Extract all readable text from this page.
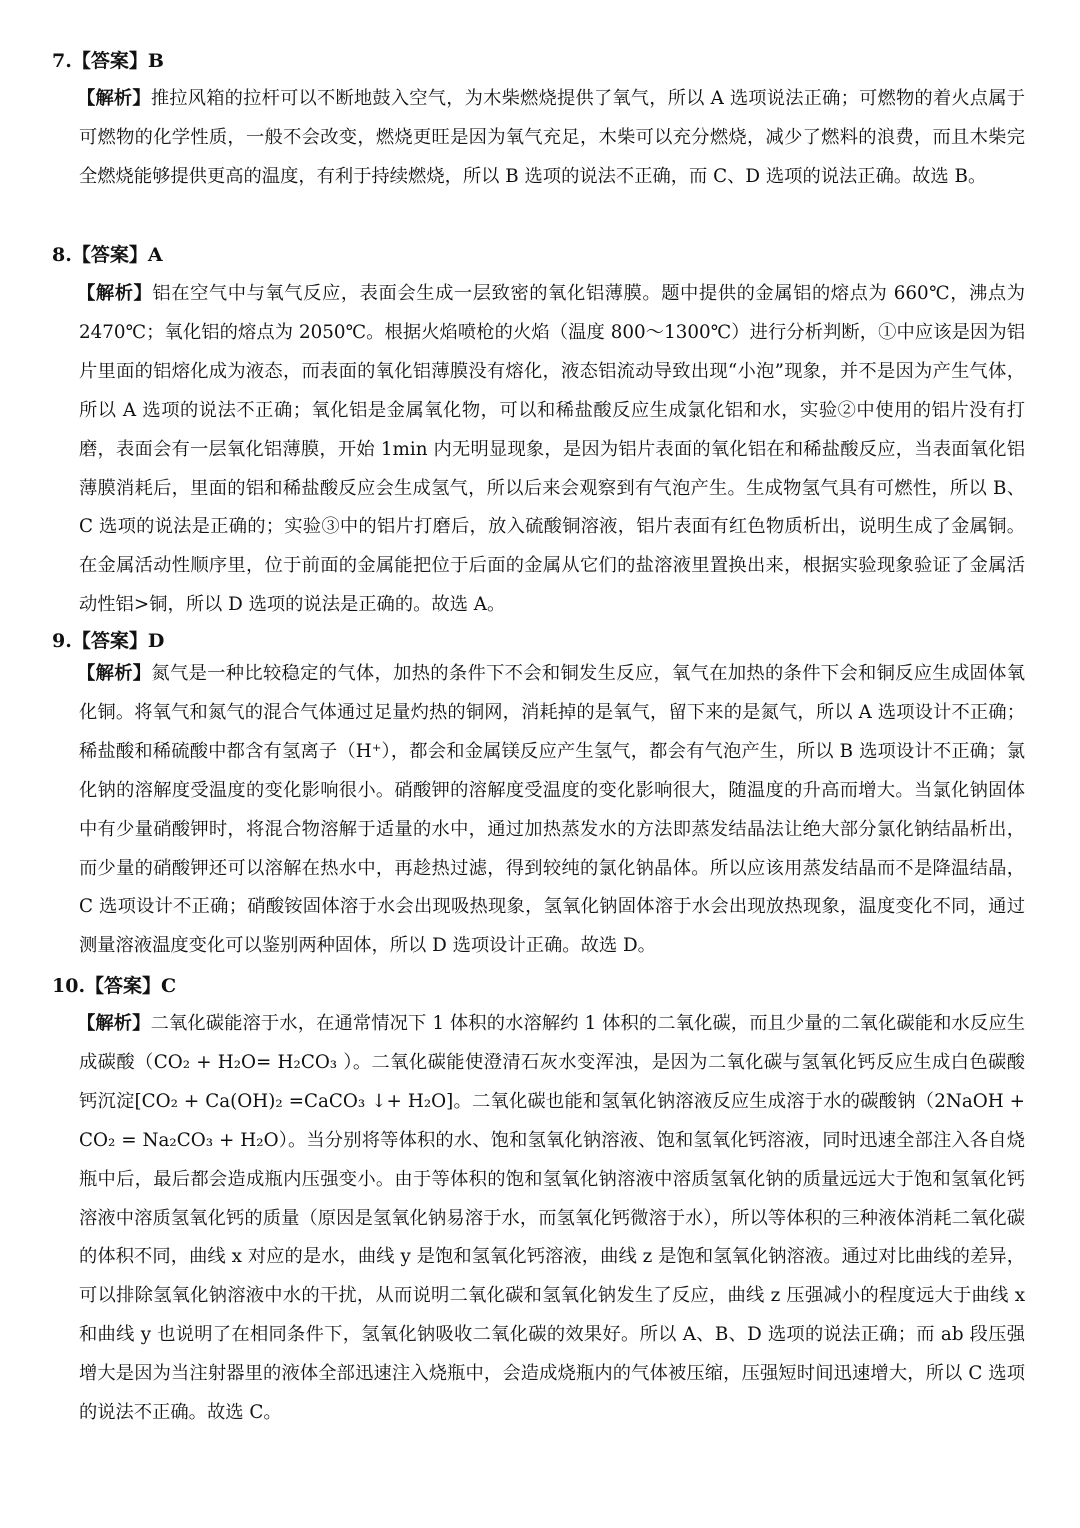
7.【答案】B

【解析】推拉风箱的拉杆可以不断地鼓入空气，为木柴燃烧提供了氧气，所以 A 选项说法正确；可燃物的着火点属于可燃物的化学性质，一般不会改变，燃烧更旺是因为氧气充足，木柴可以充分燃烧，减少了燃料的浪费，而且木柴完全燃烧能够提供更高的温度，有利于持续燃烧，所以 B 选项的说法不正确，而 C、D 选项的说法正确。故选 B。

8.【答案】A

【解析】铝在空气中与氧气反应，表面会生成一层致密的氧化铝薄膜。题中提供的金属铝的熔点为 660℃，沸点为 2470℃；氧化铝的熔点为 2050℃。根据火焰喷枪的火焰（温度 800～1300℃）进行分析判断，①中应该是因为铝片里面的铝熔化成为液态，而表面的氧化铝薄膜没有熔化，液态铝流动导致出现“小泡”现象，并不是因为产生气体，所以 A 选项的说法不正确；氧化铝是金属氧化物，可以和稀盐酸反应生成氯化铝和水，实验②中使用的铝片没有打磨，表面会有一层氧化铝薄膜，开始 1min 内无明显现象，是因为铝片表面的氧化铝在和稀盐酸反应，当表面氧化铝薄膜消耗后，里面的铝和稀盐酸反应会生成氢气，所以后来会观察到有气泡产生。生成物氢气具有可燃性，所以 B、C 选项的说法是正确的；实验③中的铝片打磨后，放入硫酸铜溶液，铝片表面有红色物质析出，说明生成了金属铜。在金属活动性顺序里，位于前面的金属能把位于后面的金属从它们的盐溶液里置换出来，根据实验现象验证了金属活动性铝>铜，所以 D 选项的说法是正确的。故选 A。

9.【答案】D

【解析】氮气是一种比较稳定的气体，加热的条件下不会和铜发生反应，氧气在加热的条件下会和铜反应生成固体氧化铜。将氧气和氮气的混合气体通过足量灼热的铜网，消耗掉的是氧气，留下来的是氮气，所以 A 选项设计不正确；稀盐酸和稀硫酸中都含有氢离子（H⁺），都会和金属镁反应产生氢气，都会有气泡产生，所以 B 选项设计不正确；氯化钠的溶解度受温度的变化影响很小。硝酸钾的溶解度受温度的变化影响很大，随温度的升高而增大。当氯化钠固体中有少量硝酸钾时，将混合物溶解于适量的水中，通过加热蒸发水的方法即蒸发结晶法让绝大部分氯化钠结晶析出，而少量的硝酸钾还可以溶解在热水中，再趁热过滤，得到较纯的氯化钠晶体。所以应该用蒸发结晶而不是降温结晶，C 选项设计不正确；硝酸铵固体溶于水会出现吸热现象，氢氧化钠固体溶于水会出现放热现象，温度变化不同，通过测量溶液温度变化可以鉴别两种固体，所以 D 选项设计正确。故选 D。

10.【答案】C

【解析】二氧化碳能溶于水，在通常情况下 1 体积的水溶解约 1 体积的二氧化碳，而且少量的二氧化碳能和水反应生成碳酸（CO₂ + H₂O= H₂CO₃ ）。二氧化碳能使澄清石灰水变浑浊，是因为二氧化碳与氢氧化钙反应生成白色碳酸钙沉淀[CO₂ + Ca(OH)₂ =CaCO₃ ↓+ H₂O]。二氧化碳也能和氢氧化钠溶液反应生成溶于水的碳酸钠（2NaOH + CO₂ = Na₂CO₃ + H₂O）。当分别将等体积的水、饱和氢氧化钠溶液、饱和氢氧化钙溶液，同时迅速全部注入各自烧瓶中后，最后都会造成瓶内压强变小。由于等体积的饱和氢氧化钠溶液中溶质氢氧化钠的质量远远大于饱和氢氧化钙溶液中溶质氢氧化钙的质量（原因是氢氧化钠易溶于水，而氢氧化钙微溶于水），所以等体积的三种液体消耗二氧化碳的体积不同，曲线 x 对应的是水，曲线 y 是饱和氢氧化钙溶液，曲线 z 是饱和氢氧化钠溶液。通过对比曲线的差异，可以排除氢氧化钠溶液中水的干扰，从而说明二氧化碳和氢氧化钠发生了反应，曲线 z 压强减小的程度远大于曲线 x 和曲线 y 也说明了在相同条件下，氢氧化钠吸收二氧化碳的效果好。所以 A、B、D 选项的说法正确；而 ab 段压强增大是因为当注射器里的液体全部迅速注入烧瓶中，会造成烧瓶内的气体被压缩，压强短时间迅速增大，所以 C 选项的说法不正确。故选 C。
